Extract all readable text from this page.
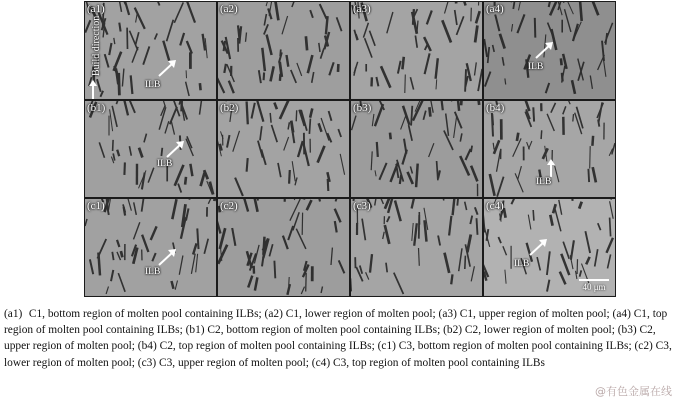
(a1)
Build direction
ILB
(a2)	(a3)	(a4)
ILB
(b1)
ILB
(b2)	(b3)	(b4)
ILB
(c1)
ILB
(c2)	(c3)	(c4)
ILB
40 μm
(a1) C1, bottom region of molten pool containing ILBs; (a2) C1, lower region of molten pool; (a3) C1, upper region of molten pool; (a4) C1, top region of molten pool containing ILBs; (b1) C2, bottom region of molten pool containing ILBs; (b2) C2, lower region of molten pool; (b3) C2, upper region of molten pool; (b4) C2, top region of molten pool containing ILBs; (c1) C3, bottom region of molten pool containing ILBs; (c2) C3, lower region of molten pool; (c3) C3, upper region of molten pool; (c4) C3, top region of molten pool containing ILBs
@有色金属在线
